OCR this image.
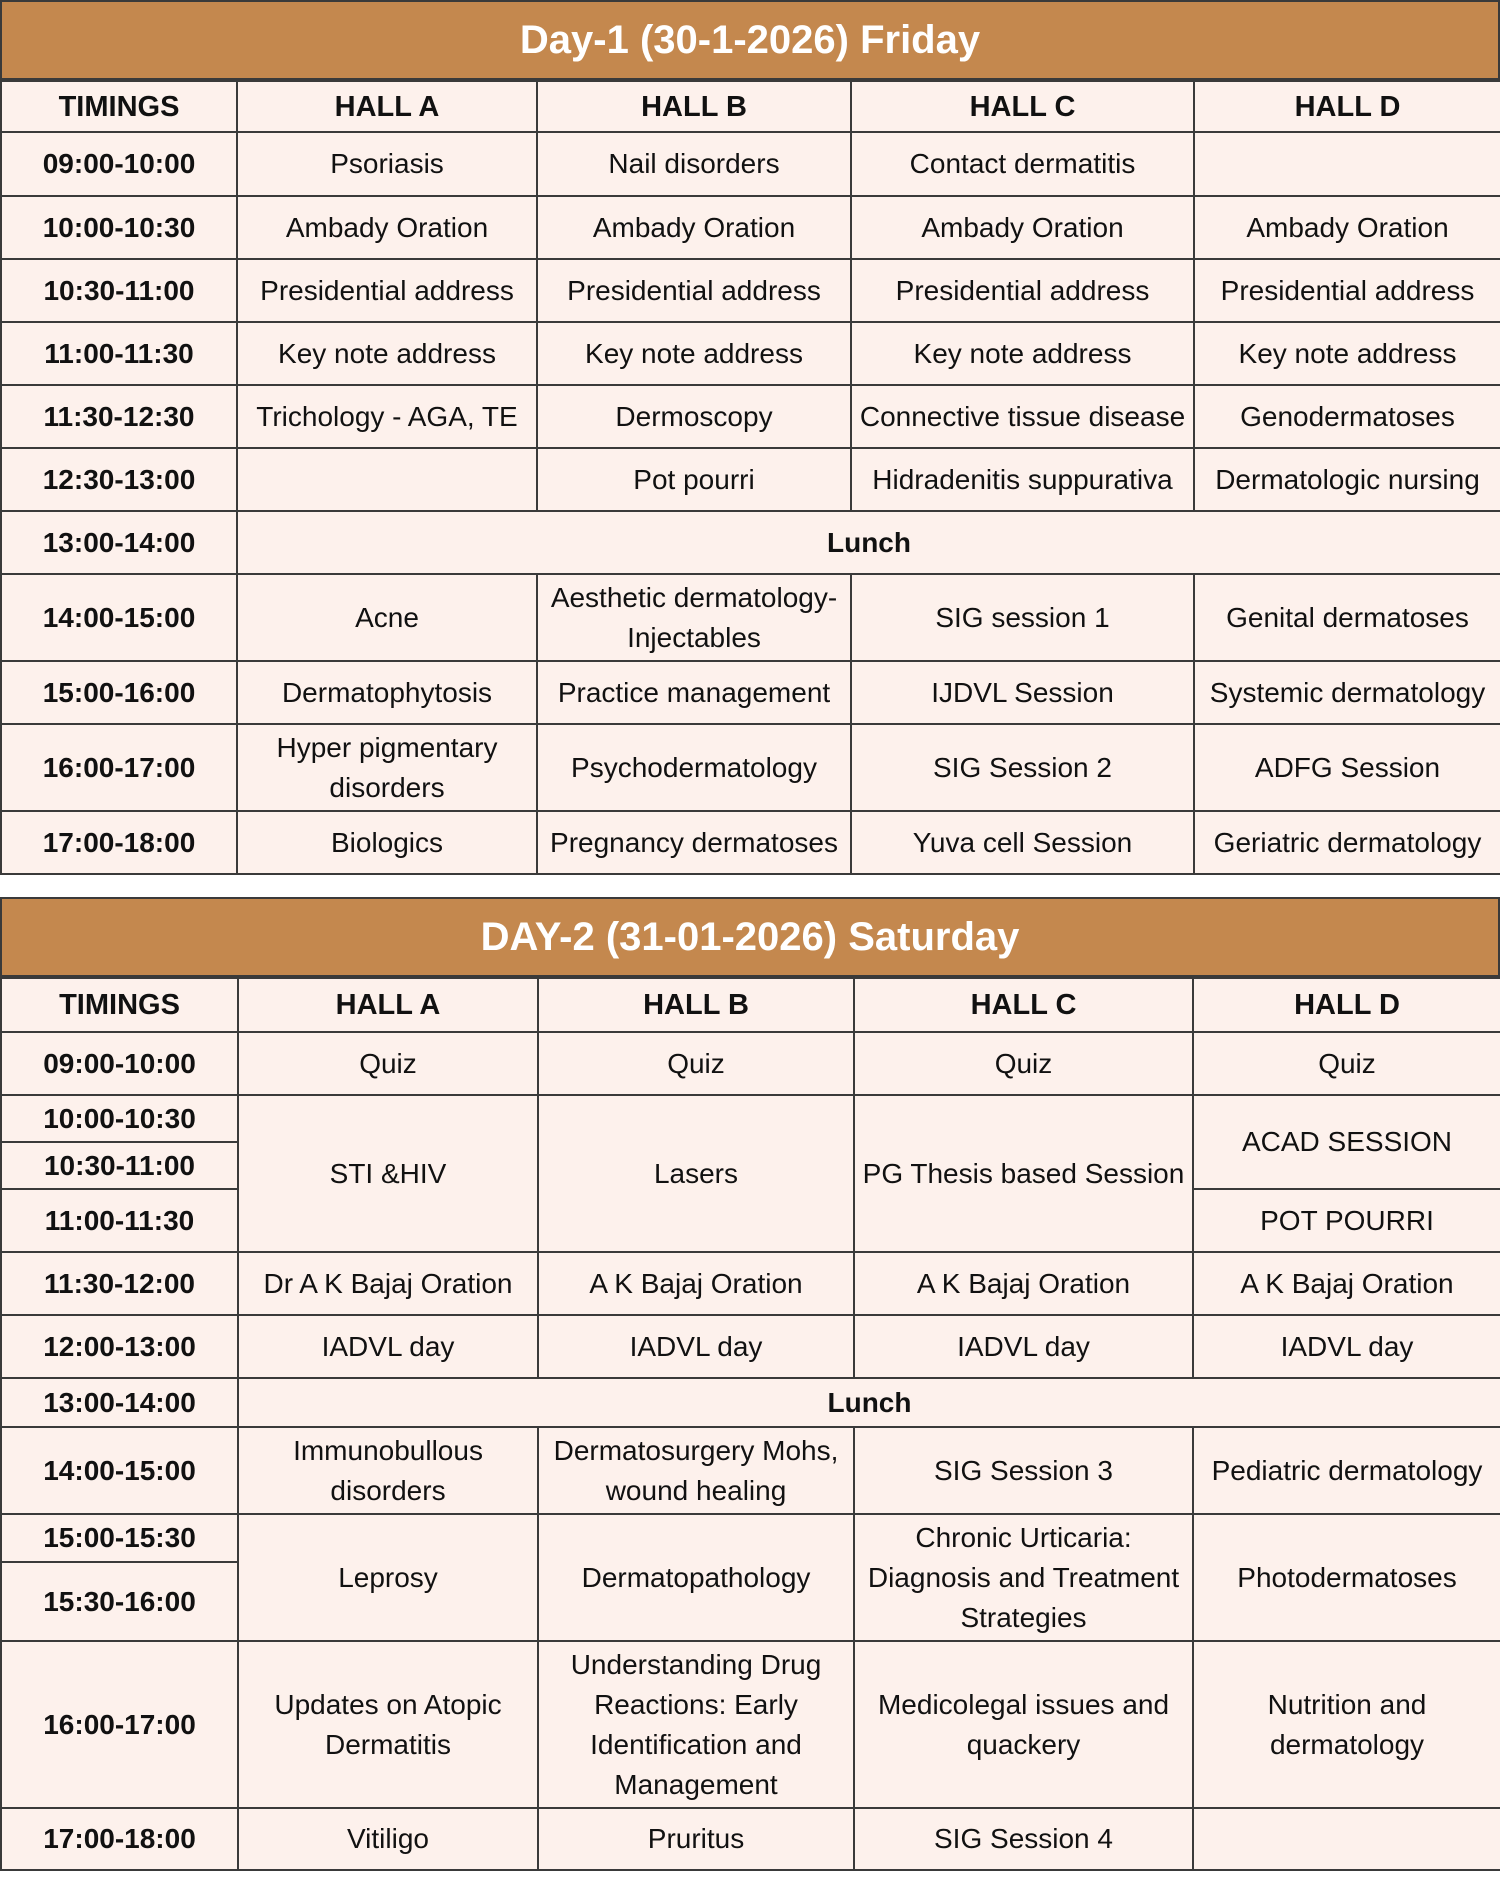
Day-1 (30-1-2026) Friday
TIMINGS	HALL A	HALL B	HALL C	HALL D
09:00-10:00	Psoriasis	Nail disorders	Contact dermatitis	
10:00-10:30	Ambady Oration	Ambady Oration	Ambady Oration	Ambady Oration
10:30-11:00	Presidential address	Presidential address	Presidential address	Presidential address
11:00-11:30	Key note address	Key note address	Key note address	Key note address
11:30-12:30	Trichology - AGA, TE	Dermoscopy	Connective tissue disease	Genodermatoses
12:30-13:00		Pot pourri	Hidradenitis suppurativa	Dermatologic nursing
13:00-14:00	Lunch			
14:00-15:00	Acne	Aesthetic dermatology-Injectables	SIG session 1	Genital dermatoses
15:00-16:00	Dermatophytosis	Practice management	IJDVL Session	Systemic dermatology
16:00-17:00	Hyper pigmentary disorders	Psychodermatology	SIG Session 2	ADFG Session
17:00-18:00	Biologics	Pregnancy dermatoses	Yuva cell Session	Geriatric dermatology
DAY-2 (31-01-2026) Saturday
TIMINGS	HALL A	HALL B	HALL C	HALL D
09:00-10:00	Quiz	Quiz	Quiz	Quiz
10:00-10:30	STI &HIV	Lasers	PG Thesis based Session	ACAD SESSION
10:30-11:00				
11:00-11:30				POT POURRI
11:30-12:00	Dr A K Bajaj Oration	A K Bajaj Oration	A K Bajaj Oration	A K Bajaj Oration
12:00-13:00	IADVL day	IADVL day	IADVL day	IADVL day
13:00-14:00	Lunch			
14:00-15:00	Immunobullous disorders	Dermatosurgery Mohs, wound healing	SIG Session 3	Pediatric dermatology
15:00-15:30	Leprosy	Dermatopathology	Chronic Urticaria: Diagnosis and Treatment Strategies	Photodermatoses
15:30-16:00				
16:00-17:00	Updates on Atopic Dermatitis	Understanding Drug Reactions: Early Identification and Management	Medicolegal issues and quackery	Nutrition and dermatology
17:00-18:00	Vitiligo	Pruritus	SIG Session 4	
